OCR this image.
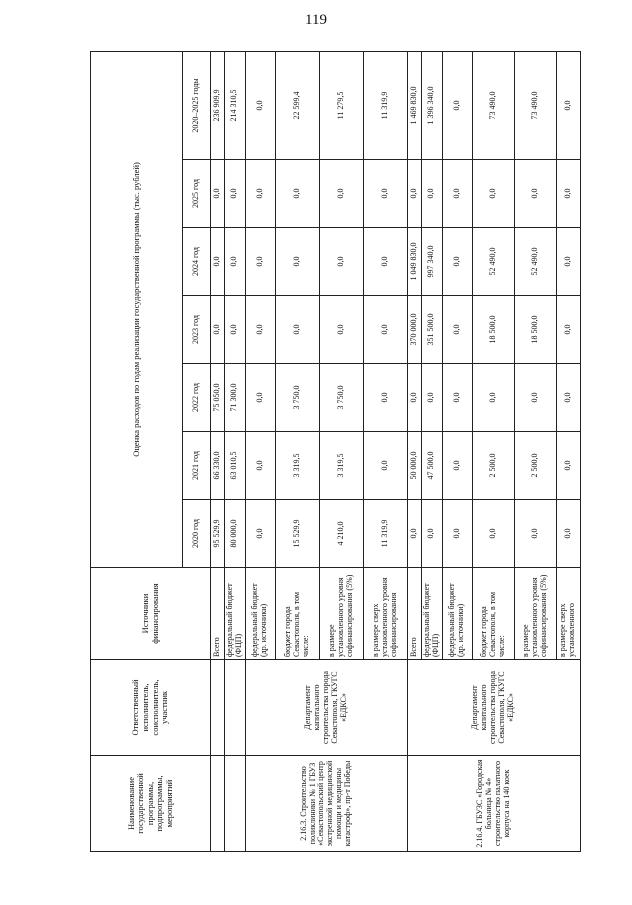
119
Наименование государственной программы, подпрограммы, мероприятий	Ответственный исполнитель, соисполнитель, участник	Источники финансирования	Оценка расходов по годам реализации государственной программы (тыс. рублей)						
			2020 год	2021 год	2022 год	2023 год	2024 год	2025 год	2020–2025 годы
		Всего	95 529,9	66 330,0	75 050,0	0,0	0,0	0,0	236 909,9
		федеральный бюджет (ФЦП)	80 000,0	63 010,5	71 300,0	0,0	0,0	0,0	214 310,5
2.16.3. Строительство поликлиники № 1 ГБУЗ «Севастопольский центр экстренной медицинской помощи и медицины катастроф», пр-т Победы	Департамент капитального строительства города Севастополя, ГКУГС «ЕДКС»	федеральный бюджет (др. источники)	0,0	0,0	0,0	0,0	0,0	0,0	0,0
		бюджет города Севастополя, в том числе:	15 529,9	3 319,5	3 750,0	0,0	0,0	0,0	22 599,4
		в размере установленного уровня софинансирования (5%)	4 210,0	3 319,5	3 750,0	0,0	0,0	0,0	11 279,5
		в размере сверх установленного уровня софинансирования	11 319,9	0,0	0,0	0,0	0,0	0,0	11 319,9
2.16.4. ГБУЗС «Городская больница № 4» строительство палатного корпуса на 140 коек	Департамент капитального строительства города Севастополя, ГКУГС «ЕДКС»	Всего	0,0	50 000,0	0,0	370 000,0	1 049 830,0	0,0	1 469 830,0
		федеральный бюджет (ФЦП)	0,0	47 500,0	0,0	351 500,0	997 340,0	0,0	1 396 340,0
		федеральный бюджет (др. источники)	0,0	0,0	0,0	0,0	0,0	0,0	0,0
		бюджет города Севастополя, в том числе:	0,0	2 500,0	0,0	18 500,0	52 490,0	0,0	73 490,0
		в размере установленного уровня софинансирования (5%)	0,0	2 500,0	0,0	18 500,0	52 490,0	0,0	73 490,0
		в размере сверх установленного	0,0	0,0	0,0	0,0	0,0	0,0	0,0
